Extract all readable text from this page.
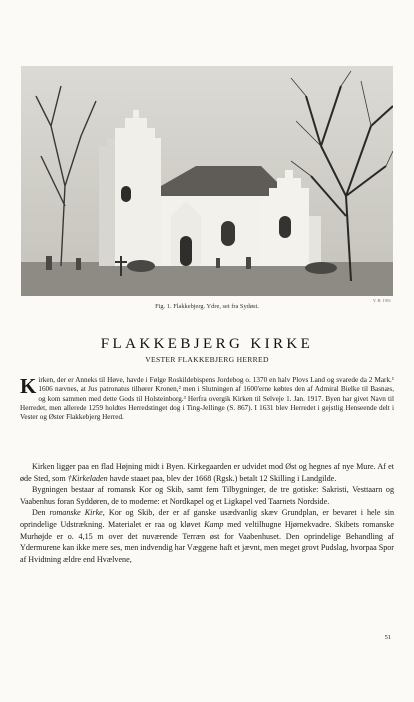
Fig. 1. Flakkebjerg. Ydre, set fra Sydøst.
V. H. 1951
FLAKKEBJERG KIRKE
VESTER FLAKKEBJERG HERRED
Kirken, der er Anneks til Høve, havde i Følge Roskildebispens Jordebog o. 1370 en halv Plovs Land og svarede da 2 Mark.¹ 1606 nævnes, at Jus patronatus tilhører Kronen,² men i Slutningen af 1600'erne købtes den af Admiral Bielke til Basnæs, og kom sammen med dette Gods til Holsteinborg.³ Herfra overgik Kirken til Selveje 1. Jan. 1917. Byen har givet Navn til Herredet, men allerede 1259 holdtes Herredstinget dog i Ting-Jellinge (S. 867). I 1631 blev Herredet i gejstlig Henseende delt i Vester og Øster Flakkebjerg Herred.

Kirken ligger paa en flad Højning midt i Byen. Kirkegaarden er udvidet mod Øst og hegnes af nye Mure. Af et øde Sted, som †Kirkeladen havde staaet paa, blev der 1668 (Rgsk.) betalt 12 Skilling i Landgilde.

Bygningen bestaar af romansk Kor og Skib, samt fem Tilbygninger, de tre gotiske: Sakristi, Vesttaarn og Vaabenhus foran Syddøren, de to moderne: et Nordkapel og et Ligkapel ved Taarnets Nordside.

Den romanske Kirke, Kor og Skib, der er af ganske usædvanlig skæv Grundplan, er bevaret i hele sin oprindelige Udstrækning. Materialet er raa og kløvet Kamp med veltilhugne Hjørnekvadre. Skibets romanske Murhøjde er o. 4,15 m over det nuværende Terræn øst for Vaabenhuset. Den oprindelige Behandling af Ydermurene kan ikke mere ses, men indvendig har Væggene haft et jævnt, men meget grovt Pudslag, hvorpaa Spor af Hvidtning ældre end Hvælvene,

51
